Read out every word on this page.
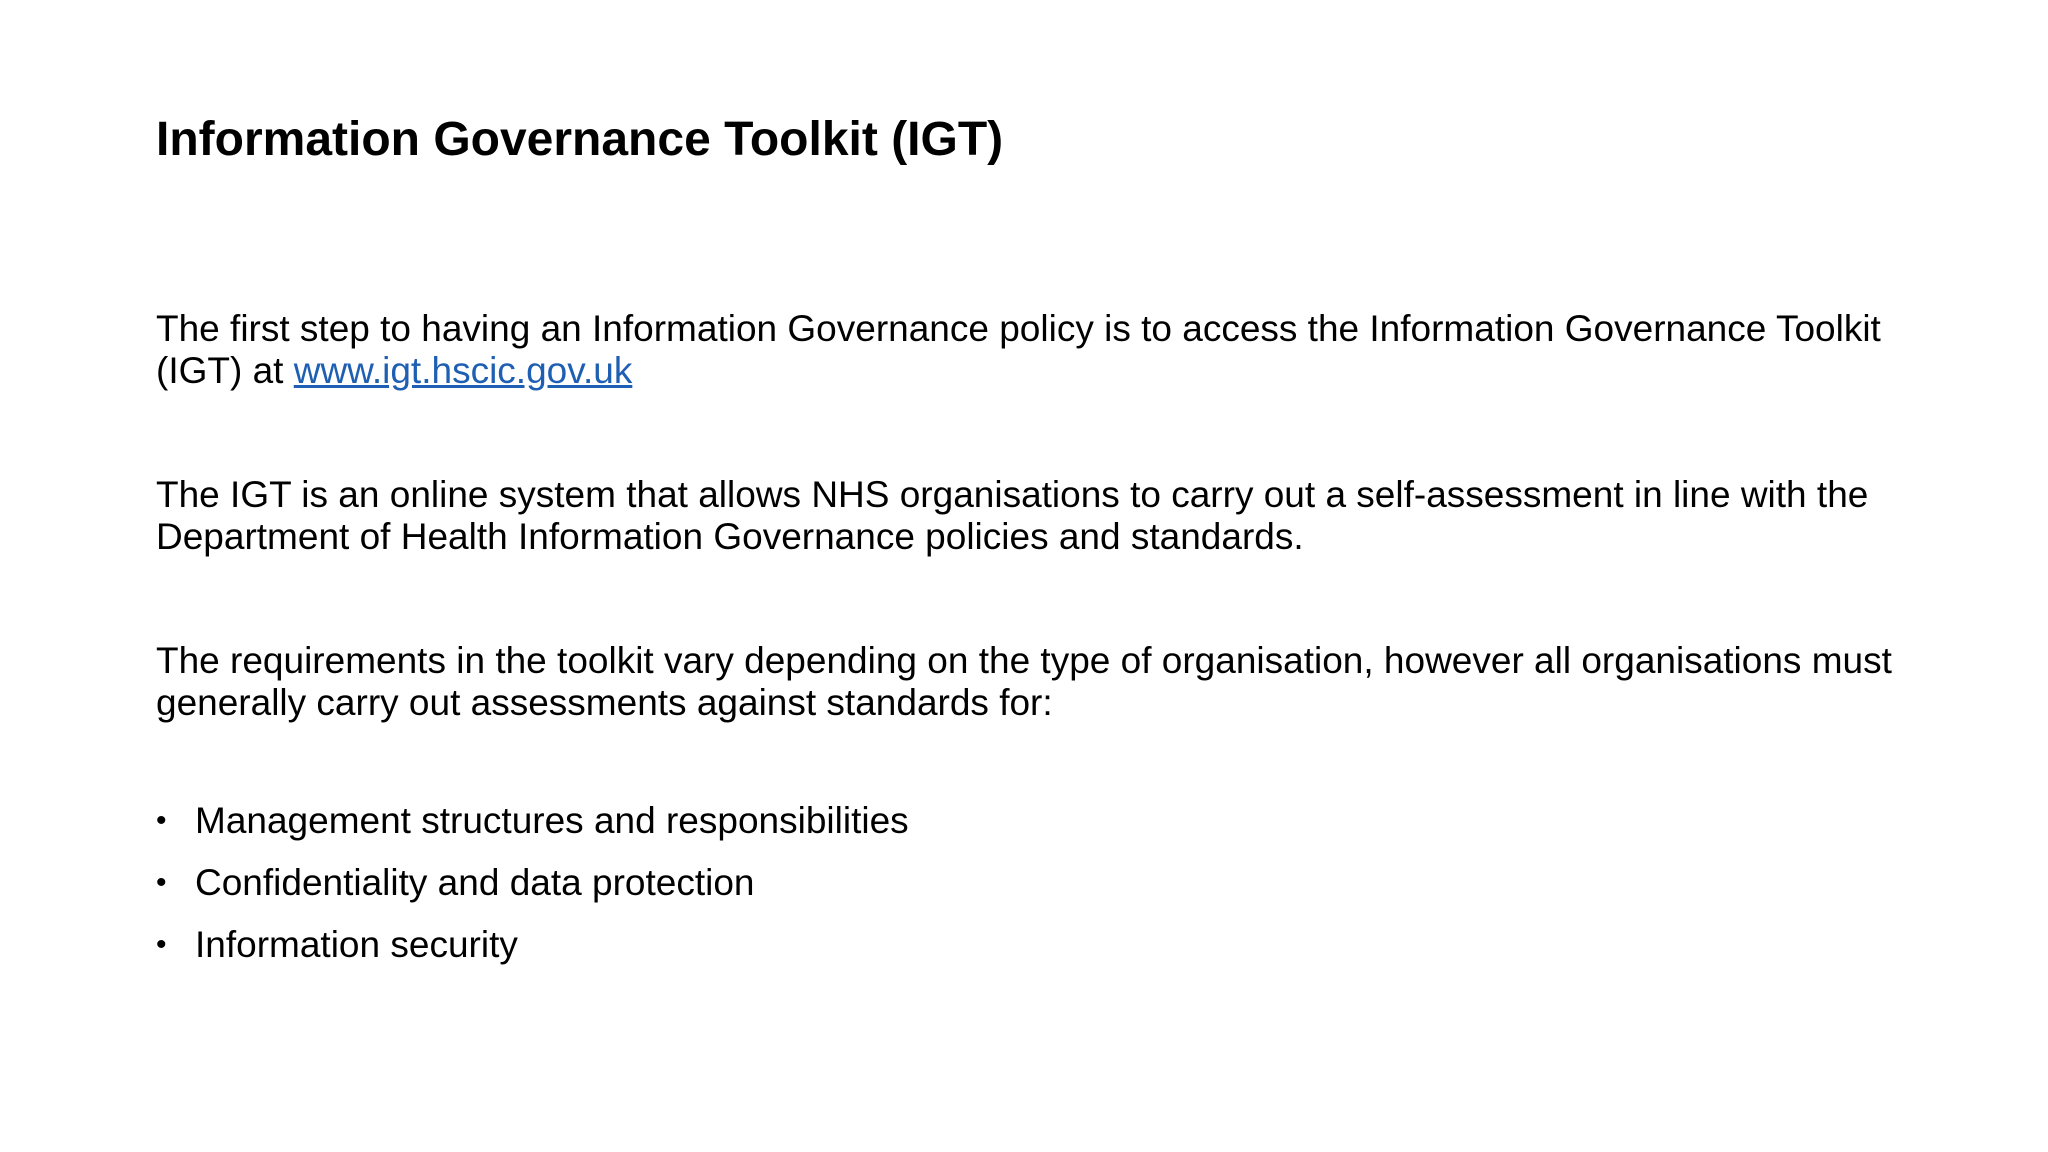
Information Governance Toolkit (IGT)

The first step to having an Information Governance policy is to access the Information Governance Toolkit (IGT) at www.igt.hscic.gov.uk

The IGT is an online system that allows NHS organisations to carry out a self-assessment in line with the Department of Health Information Governance policies and standards.

The requirements in the toolkit vary depending on the type of organisation, however all organisations must generally carry out assessments against standards for:

• Management structures and responsibilities
• Confidentiality and data protection
• Information security
